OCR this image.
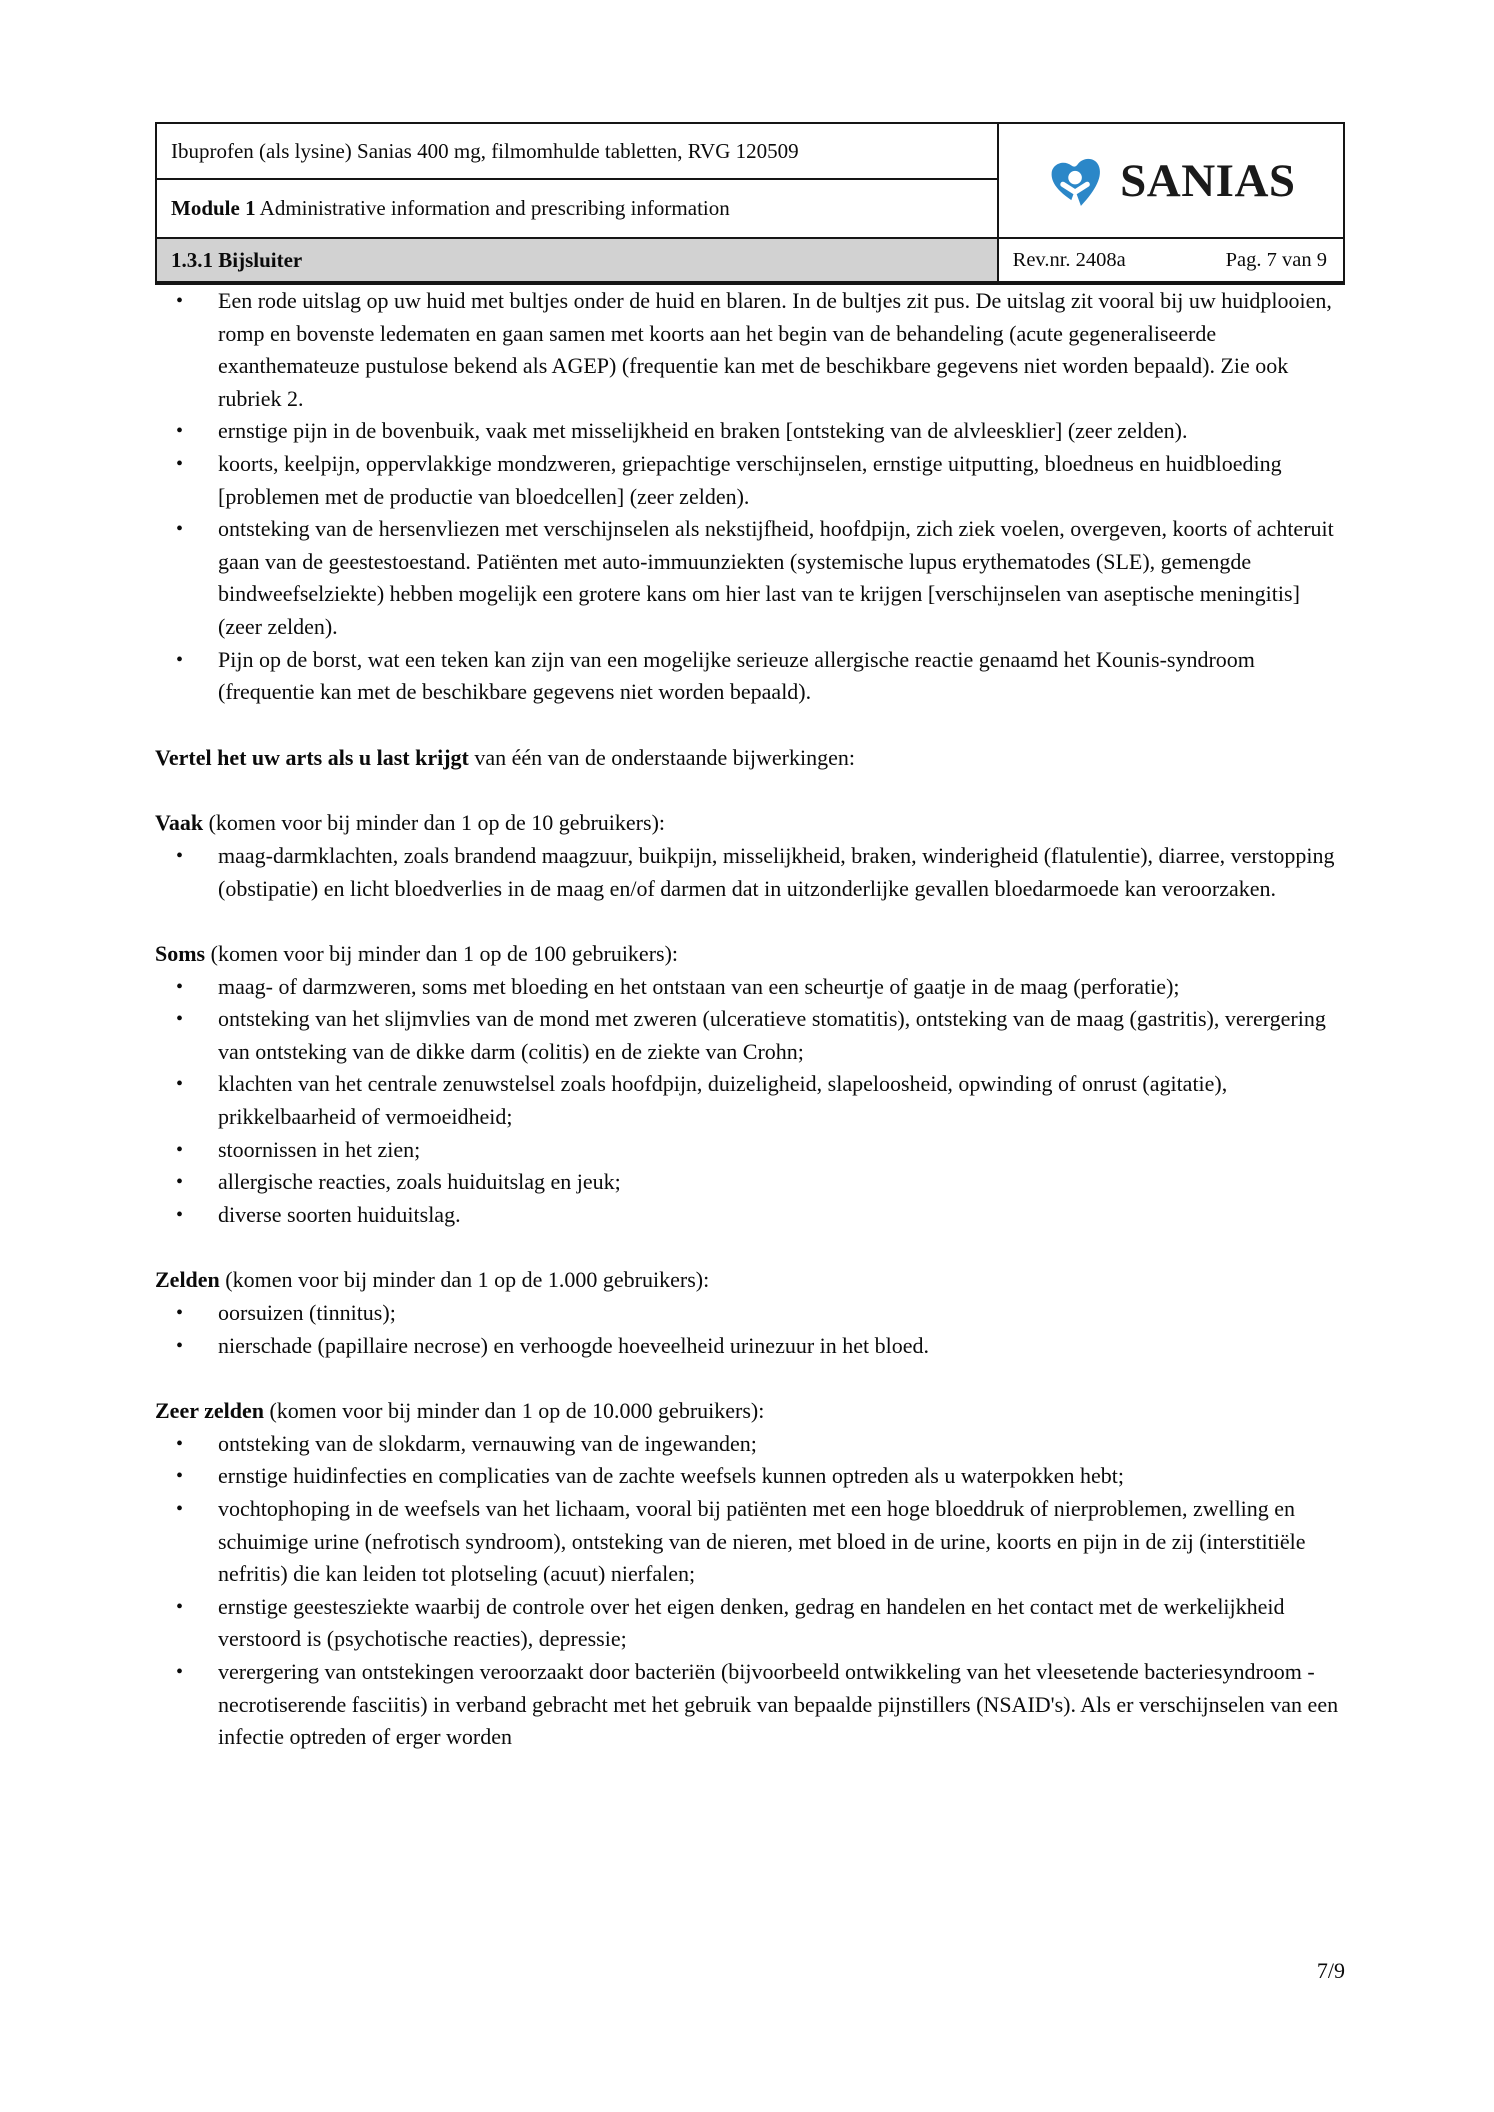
Ibuprofen (als lysine) Sanias 400 mg, filmomhulde tabletten, RVG 120509	SANIAS

Module 1 Administrative information and prescribing information	
1.3.1 Bijsluiter	Rev.nr. 2408a Pag. 7 van 9
•	Een rode uitslag op uw huid met bultjes onder de huid en blaren. In de bultjes zit pus. De uitslag zit vooral bij uw huidplooien, romp en bovenste ledematen en gaan samen met koorts aan het begin van de behandeling (acute gegeneraliseerde exanthemateuze pustulose bekend als AGEP) (frequentie kan met de beschikbare gegevens niet worden bepaald). Zie ook rubriek 2.
•	ernstige pijn in de bovenbuik, vaak met misselijkheid en braken [ontsteking van de alvleesklier] (zeer zelden).
•	koorts, keelpijn, oppervlakkige mondzweren, griepachtige verschijnselen, ernstige uitputting, bloedneus en huidbloeding [problemen met de productie van bloedcellen] (zeer zelden).
•	ontsteking van de hersenvliezen met verschijnselen als nekstijfheid, hoofdpijn, zich ziek voelen, overgeven, koorts of achteruit gaan van de geestestoestand. Patiënten met auto-immuunziekten (systemische lupus erythematodes (SLE), gemengde bindweefselziekte) hebben mogelijk een grotere kans om hier last van te krijgen [verschijnselen van aseptische meningitis] (zeer zelden).
•	Pijn op de borst, wat een teken kan zijn van een mogelijke serieuze allergische reactie genaamd het Kounis-syndroom (frequentie kan met de beschikbare gegevens niet worden bepaald).

Vertel het uw arts als u last krijgt van één van de onderstaande bijwerkingen:

Vaak (komen voor bij minder dan 1 op de 10 gebruikers):

•	maag-darmklachten, zoals brandend maagzuur, buikpijn, misselijkheid, braken, winderigheid (flatulentie), diarree, verstopping (obstipatie) en licht bloedverlies in de maag en/of darmen dat in uitzonderlijke gevallen bloedarmoede kan veroorzaken.

Soms (komen voor bij minder dan 1 op de 100 gebruikers):

•	maag- of darmzweren, soms met bloeding en het ontstaan van een scheurtje of gaatje in de maag (perforatie);
•	ontsteking van het slijmvlies van de mond met zweren (ulceratieve stomatitis), ontsteking van de maag (gastritis), verergering van ontsteking van de dikke darm (colitis) en de ziekte van Crohn;
•	klachten van het centrale zenuwstelsel zoals hoofdpijn, duizeligheid, slapeloosheid, opwinding of onrust (agitatie), prikkelbaarheid of vermoeidheid;
•	stoornissen in het zien;
•	allergische reacties, zoals huiduitslag en jeuk;
•	diverse soorten huiduitslag.

Zelden (komen voor bij minder dan 1 op de 1.000 gebruikers):

•	oorsuizen (tinnitus);
•	nierschade (papillaire necrose) en verhoogde hoeveelheid urinezuur in het bloed.

Zeer zelden (komen voor bij minder dan 1 op de 10.000 gebruikers):

•	ontsteking van de slokdarm, vernauwing van de ingewanden;
•	ernstige huidinfecties en complicaties van de zachte weefsels kunnen optreden als u waterpokken hebt;
•	vochtophoping in de weefsels van het lichaam, vooral bij patiënten met een hoge bloeddruk of nierproblemen, zwelling en schuimige urine (nefrotisch syndroom), ontsteking van de nieren, met bloed in de urine, koorts en pijn in de zij (interstitiële nefritis) die kan leiden tot plotseling (acuut) nierfalen;
•	ernstige geestesziekte waarbij de controle over het eigen denken, gedrag en handelen en het contact met de werkelijkheid verstoord is (psychotische reacties), depressie;
•	verergering van ontstekingen veroorzaakt door bacteriën (bijvoorbeeld ontwikkeling van het vleesetende bacteriesyndroom - necrotiserende fasciitis) in verband gebracht met het gebruik van bepaalde pijnstillers (NSAID's). Als er verschijnselen van een infectie optreden of erger worden
7/9
